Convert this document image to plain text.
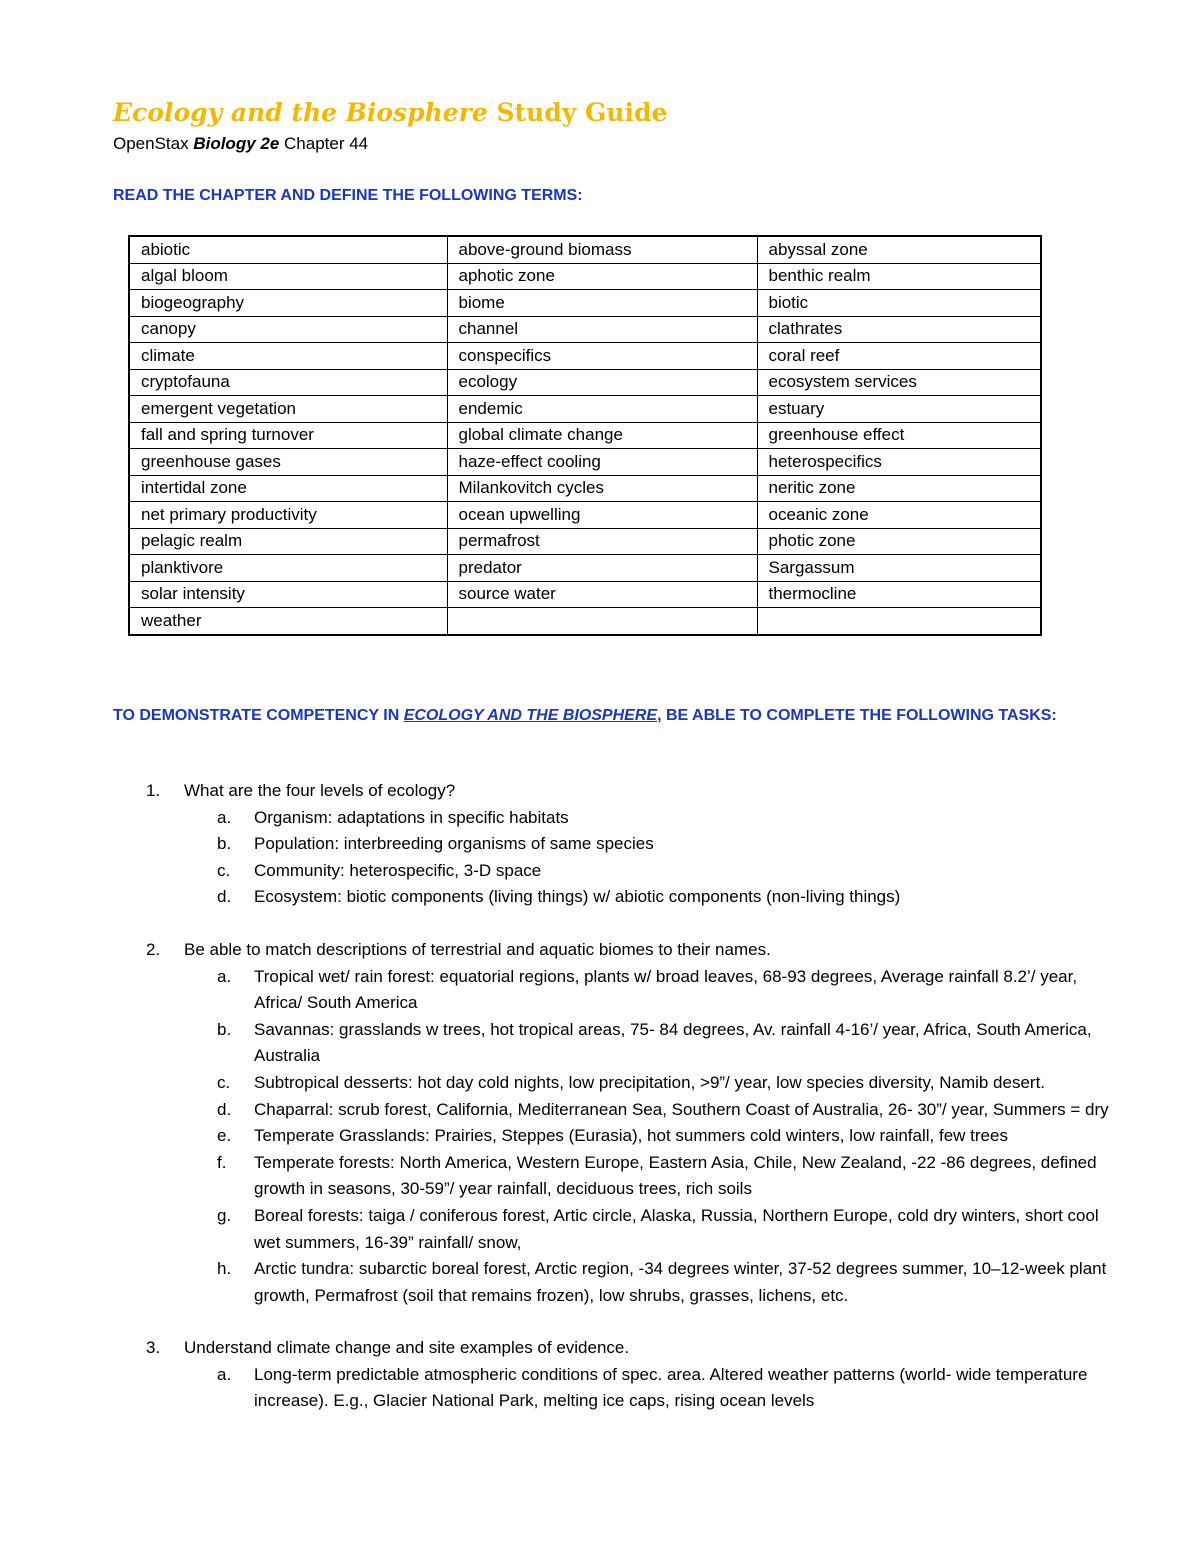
Ecology and the Biosphere Study Guide
OpenStax Biology 2e Chapter 44
READ THE CHAPTER AND DEFINE THE FOLLOWING TERMS:
abiotic	above-ground biomass	abyssal zone
algal bloom	aphotic zone	benthic realm
biogeography	biome	biotic
canopy	channel	clathrates
climate	conspecifics	coral reef
cryptofauna	ecology	ecosystem services
emergent vegetation	endemic	estuary
fall and spring turnover	global climate change	greenhouse effect
greenhouse gases	haze-effect cooling	heterospecifics
intertidal zone	Milankovitch cycles	neritic zone
net primary productivity	ocean upwelling	oceanic zone
pelagic realm	permafrost	photic zone
planktivore	predator	Sargassum
solar intensity	source water	thermocline
weather		
TO DEMONSTRATE COMPETENCY IN ECOLOGY AND THE BIOSPHERE, BE ABLE TO COMPLETE THE FOLLOWING TASKS:
1. What are the four levels of ecology?
a. Organism: adaptations in specific habitats
b. Population: interbreeding organisms of same species
c. Community: heterospecific, 3-D space
d. Ecosystem: biotic components (living things) w/ abiotic components (non-living things)
2. Be able to match descriptions of terrestrial and aquatic biomes to their names.
a. Tropical wet/ rain forest: equatorial regions, plants w/ broad leaves, 68-93 degrees, Average rainfall 8.2’/ year, Africa/ South America
b. Savannas: grasslands w trees, hot tropical areas, 75- 84 degrees, Av. rainfall 4-16’/ year, Africa, South America, Australia
c. Subtropical desserts: hot day cold nights, low precipitation, >9”/ year, low species diversity, Namib desert.
d. Chaparral: scrub forest, California, Mediterranean Sea, Southern Coast of Australia, 26- 30”/ year, Summers = dry
e. Temperate Grasslands: Prairies, Steppes (Eurasia), hot summers cold winters, low rainfall, few trees
f. Temperate forests: North America, Western Europe, Eastern Asia, Chile, New Zealand, -22 -86 degrees, defined growth in seasons, 30-59”/ year rainfall, deciduous trees, rich soils
g. Boreal forests: taiga / coniferous forest, Artic circle, Alaska, Russia, Northern Europe, cold dry winters, short cool wet summers, 16-39” rainfall/ snow,
h. Arctic tundra: subarctic boreal forest, Arctic region, -34 degrees winter, 37-52 degrees summer, 10–12-week plant growth, Permafrost (soil that remains frozen), low shrubs, grasses, lichens, etc.
3. Understand climate change and site examples of evidence.
a. Long-term predictable atmospheric conditions of spec. area. Altered weather patterns (world- wide temperature increase). E.g., Glacier National Park, melting ice caps, rising ocean levels
